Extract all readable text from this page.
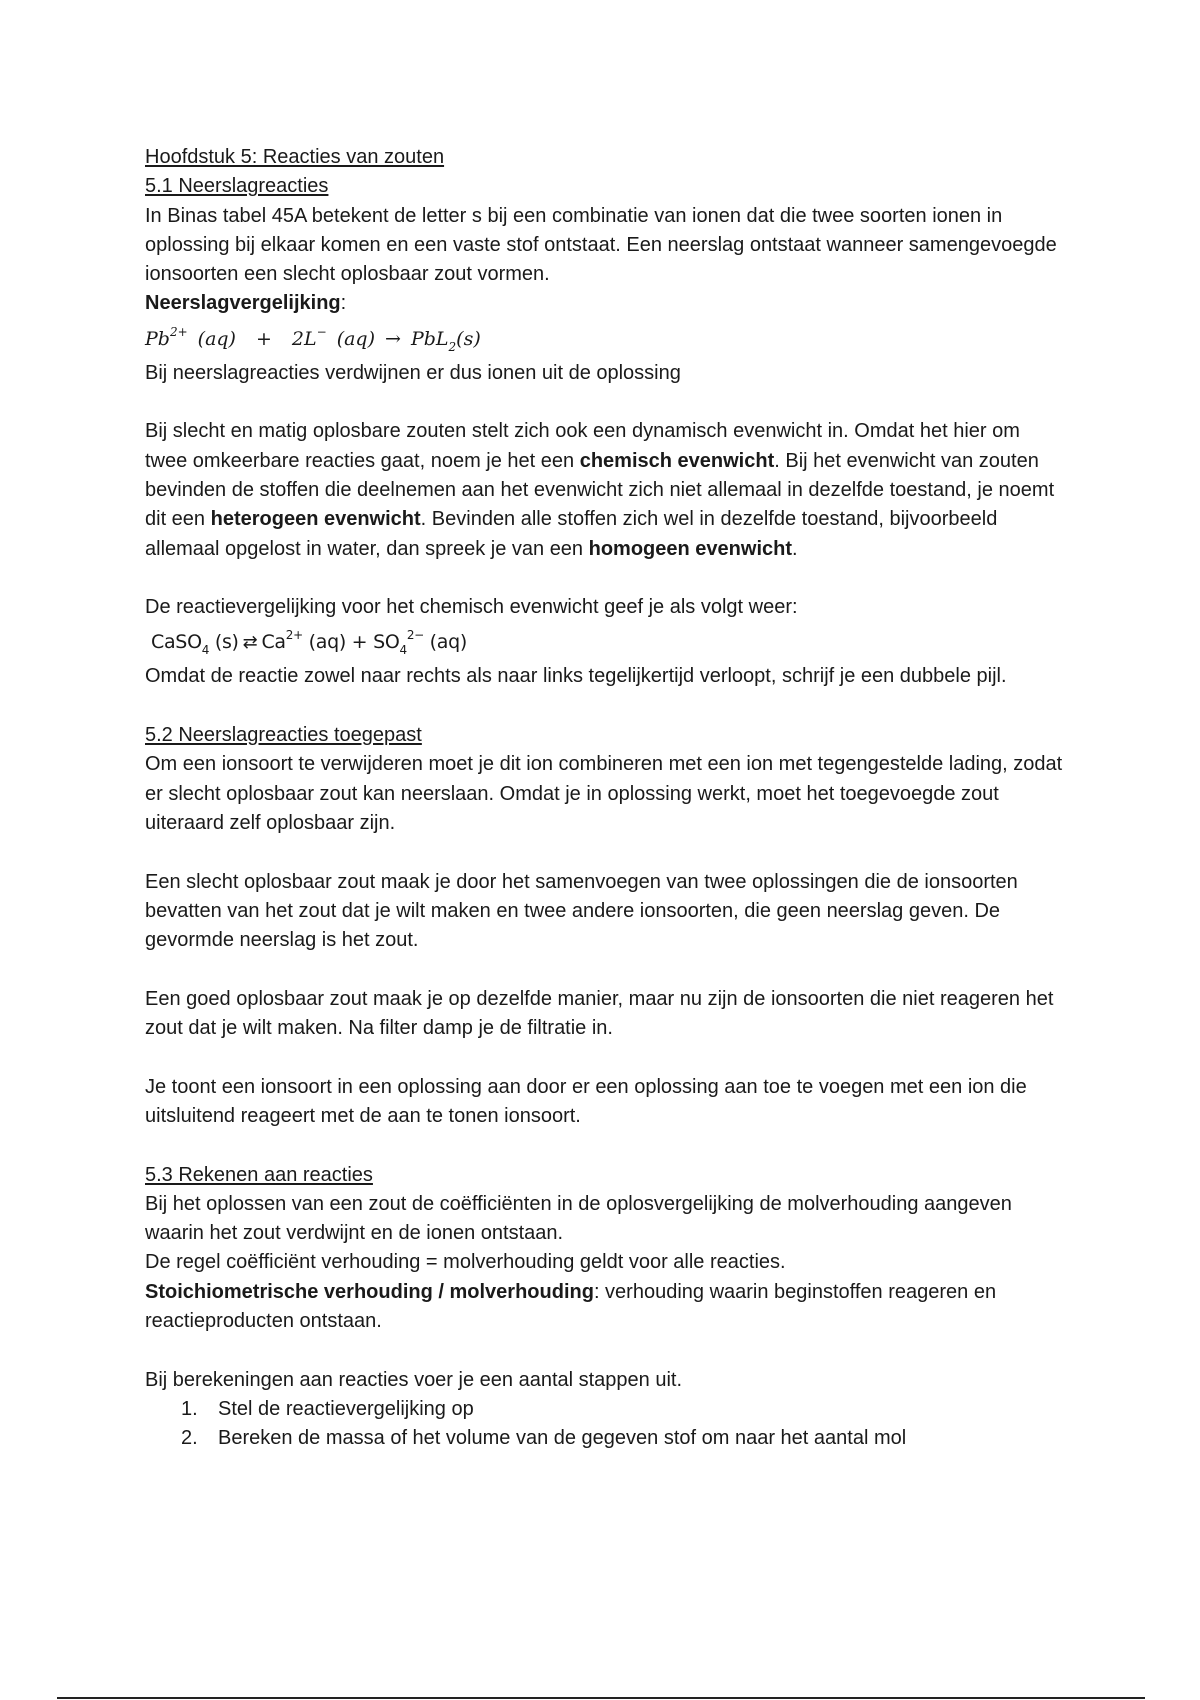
Hoofdstuk 5: Reacties van zouten
5.1 Neerslagreacties

In Binas tabel 45A betekent de letter s bij een combinatie van ionen dat die twee soorten ionen in oplossing bij elkaar komen en een vaste stof ontstaat. Een neerslag ontstaat wanneer samengevoegde ionsoorten een slecht oplosbaar zout vormen.

Neerslagvergelijking:
$Pb^{2+}$ (aq) + 2L− (aq) → PbL$_2$(s)

Bij neerslagreacties verdwijnen er dus ionen uit de oplossing

Bij slecht en matig oplosbare zouten stelt zich ook een dynamisch evenwicht in. Omdat het hier om twee omkeerbare reacties gaat, noem je het een chemisch evenwicht. Bij het evenwicht van zouten bevinden de stoffen die deelnemen aan het evenwicht zich niet allemaal in dezelfde toestand, je noemt dit een heterogeen evenwicht. Bevinden alle stoffen zich wel in dezelfde toestand, bijvoorbeeld allemaal opgelost in water, dan spreek je van een homogeen evenwicht.

De reactievergelijking voor het chemisch evenwicht geef je als volgt weer:

CaSO$_4$ (s) ⇄ $Ca^{2+}$ $(aq) + SO_4^{2-}$ (aq)

Omdat de reactie zowel naar rechts als naar links tegelijkertijd verloopt, schrijf je een dubbele pijl.

5.2 Neerslagreacties toegepast

Om een ionsoort te verwijderen moet je dit ion combineren met een ion met tegengestelde lading, zodat er slecht oplosbaar zout kan neerslaan. Omdat je in oplossing werkt, moet het toegevoegde zout uiteraard zelf oplosbaar zijn.

Een slecht oplosbaar zout maak je door het samenvoegen van twee oplossingen die de ionsoorten bevatten van het zout dat je wilt maken en twee andere ionsoorten, die geen neerslag geven. De gevormde neerslag is het zout.

Een goed oplosbaar zout maak je op dezelfde manier, maar nu zijn de ionsoorten die niet reageren het zout dat je wilt maken. Na filter damp je de filtratie in.

Je toont een ionsoort in een oplossing aan door er een oplossing aan toe te voegen met een ion die uitsluitend reageert met de aan te tonen ionsoort.

5.3 Rekenen aan reacties

Bij het oplossen van een zout de coëfficiënten in de oplosvergelijking de molverhouding aangeven waarin het zout verdwijnt en de ionen ontstaan.

De regel coëfficiënt verhouding = molverhouding geldt voor alle reacties.

Stoichiometrische verhouding / molverhouding: verhouding waarin beginstoffen reageren en reactieproducten ontstaan.

Bij berekeningen aan reacties voer je een aantal stappen uit.

1. Stel de reactievergelijking op
2. Bereken de massa of het volume van de gegeven stof om naar het aantal mol
